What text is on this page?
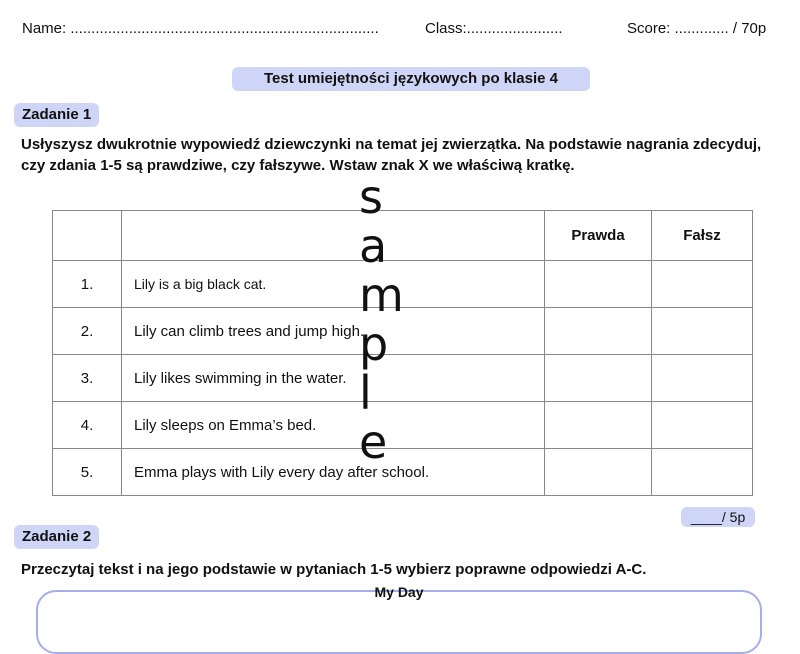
Name: ..........................................................................	Class:.......................	Score: ............. / 70p
Test umiejętności językowych po klasie 4
Zadanie 1
Usłyszysz dwukrotnie wypowiedź dziewczynki na temat jej zwierzątka. Na podstawie nagrania zdecyduj, czy zdania 1-5 są prawdziwe, czy fałszywe. Wstaw znak X we właściwą kratkę.
		Prawda	Fałsz
1.	Lily is a big black cat.		
2.	Lily can climb trees and jump high.		
3.	Lily likes swimming in the water.		
4.	Lily sleeps on Emma’s bed.		
5.	Emma plays with Lily every day after school.		
____/ 5p
Zadanie 2
Przeczytaj tekst i na jego podstawie w pytaniach 1-5 wybierz poprawne odpowiedzi A-C.
My Day
s
a
m
p
l
e
